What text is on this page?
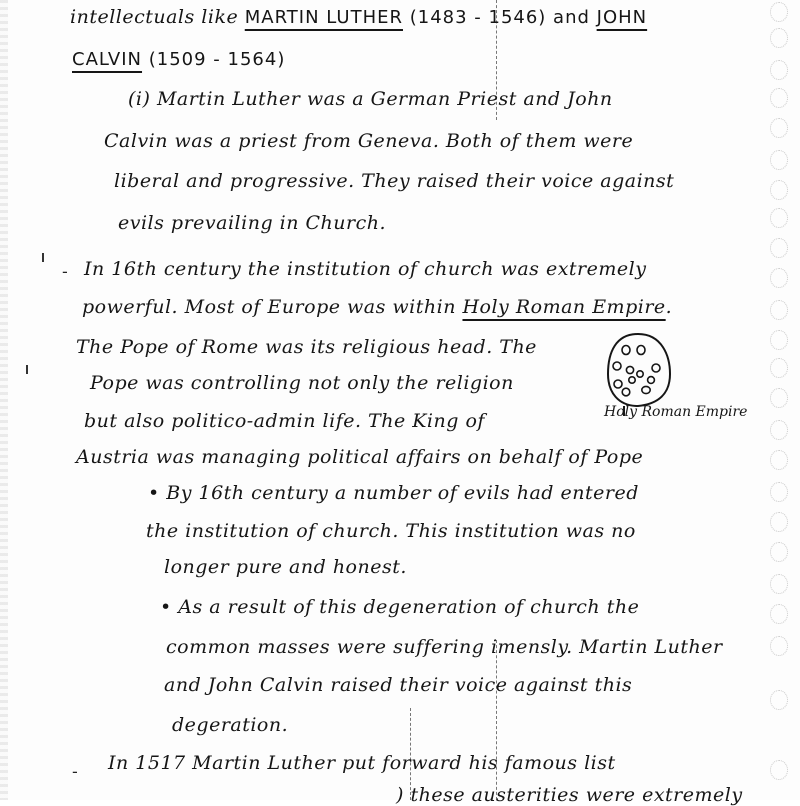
intellectuals like MARTIN LUTHER (1483 - 1546) and JOHN
CALVIN (1509 - 1564)
(i) Martin Luther was a German Priest and John
Calvin was a priest from Geneva. Both of them were
liberal and progressive. They raised their voice against
evils prevailing in Church.
- In 16th century the institution of church was extremely
powerful. Most of Europe was within Holy Roman Empire.
The Pope of Rome was its religious head. The
Pope was controlling not only the religion
but also politico-admin life. The King of
Austria was managing political affairs on behalf of Pope
Holy Roman Empire
• By 16th century a number of evils had entered
the institution of church. This institution was no
longer pure and honest.
• As a result of this degeneration of church the
common masses were suffering imensly. Martin Luther
and John Calvin raised their voice against this
degeration.
- In 1517 Martin Luther put forward his famous list
) these austerities were extremely
